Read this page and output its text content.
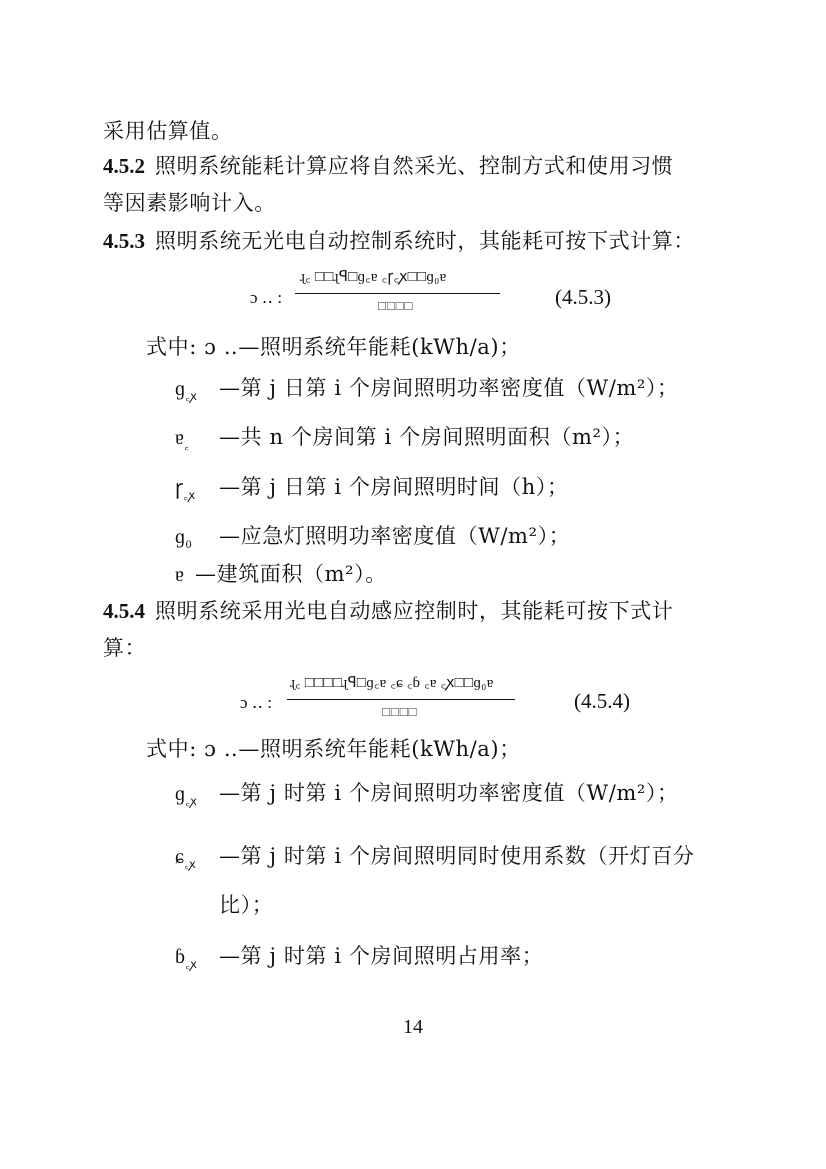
采用估算值。
4.5.2 照明系统能耗计算应将自然采光、控制方式和使用习惯
等因素影响计入。
4.5.3 照明系统无光电自动控制系统时，其能耗可按下式计算：
ɔ ‥ :
ɻ꜀ □□ɻꟼ□ɡ꜀ɐ ꜀ꞅ꜀ꭗ□□ɡ₀ɐ
□□□□	(4.5.3)
式中: ɔ ‥—照明系统年能耗(kWh/a)；
ɡ$_{꜀ꭗ}$ —第 j 日第 i 个房间照明功率密度值（W/m²）；
ɐ$_꜀$ —共 n 个房间第 i 个房间照明面积（m²）；
ꞅ$_{꜀ꭗ}$ —第 j 日第 i 个房间照明时间（h）；
ɡ$_0$ —应急灯照明功率密度值（W/m²）；
ɐ —建筑面积（m²）。
4.5.4 照明系统采用光电自动感应控制时，其能耗可按下式计
算：
ɔ ‥ :
ɻ꜀ □□□□ɻꟼ□ɡ꜀ɐ ꜀ɕ ꜀ɓ ꜀ɐ ꜀ꭗ□□ɡ₀ɐ
□□□□	(4.5.4)
式中: ɔ ‥—照明系统年能耗(kWh/a)；
ɡ$_{꜀ꭗ}$ —第 j 时第 i 个房间照明功率密度值（W/m²）；
ɕ$_{꜀ꭗ}$ —第 j 时第 i 个房间照明同时使用系数（开灯百分
比）；
ɓ$_{꜀ꭗ}$ —第 j 时第 i 个房间照明占用率；
14
